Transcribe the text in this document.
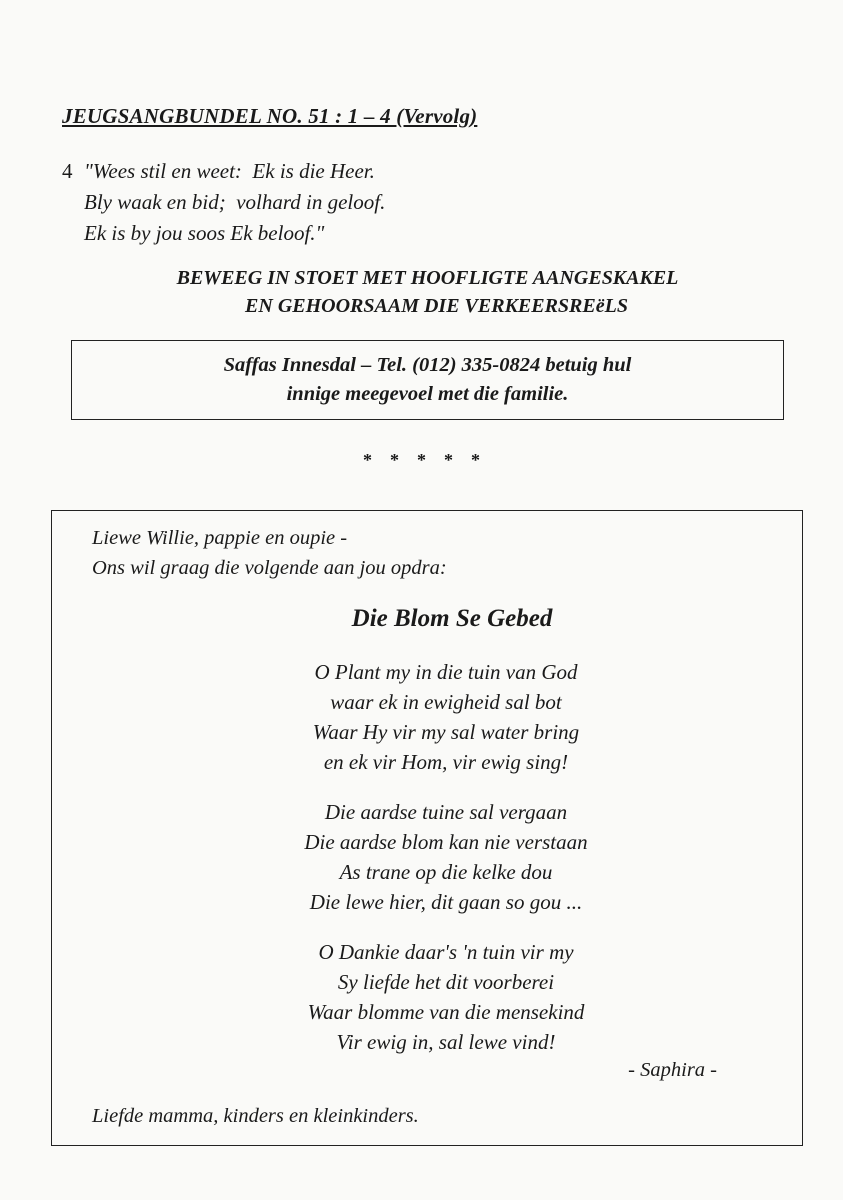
JEUGSANGBUNDEL NO. 51 : 1 – 4 (Vervolg)
4 "Wees stil en weet:  Ek is die Heer.
Bly waak en bid;  volhard in geloof.
Ek is by jou soos Ek beloof."
BEWEEG IN STOET MET HOOFLIGTE AANGESKAKEL
EN GEHOORSAAM DIE VERKEERSREëLS
Saffas Innesdal – Tel. (012) 335-0824 betuig hul
innige meegevoel met die familie.
* * * * *
Liewe Willie, pappie en oupie -
Ons wil graag die volgende aan jou opdra:
Die Blom Se Gebed
O Plant my in die tuin van God
waar ek in ewigheid sal bot
Waar Hy vir my sal water bring
en ek vir Hom, vir ewig sing!
Die aardse tuine sal vergaan
Die aardse blom kan nie verstaan
As trane op die kelke dou
Die lewe hier, dit gaan so gou ...
O Dankie daar's 'n tuin vir my
Sy liefde het dit voorberei
Waar blomme van die mensekind
Vir ewig in, sal lewe vind!
- Saphira -
Liefde mamma, kinders en kleinkinders.
